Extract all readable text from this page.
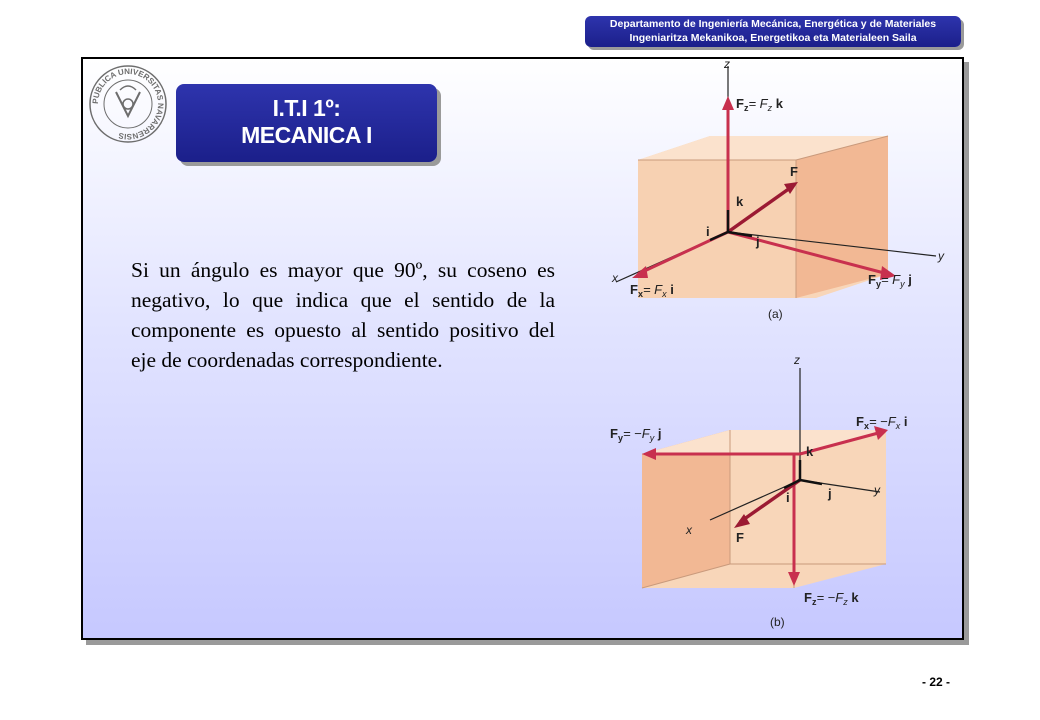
Departamento de Ingeniería Mecánica, Energética y de Materiales
Ingeniaritza Mekanikoa, Energetikoa eta Materialeen Saila
PUBLICA UNIVERSITAS NAVARRENSIS
I.T.I 1º:
MECANICA I
Si un ángulo es mayor que 90º, su coseno es negativo, lo que indica que el sentido de la componente es opuesto al sentido positivo del eje de coordenadas correspondiente.
z
y
x
$F_z= F_z$ k
F
k
i
j
$F_x= F_x$ i
$F_y= F_y$ j
(a)
z
y
x
$F_y= -F_y$ j
$F_x= -F_x$ i
k
i	j
F
$F_z= -F_z$ k
(b)
- 22 -
